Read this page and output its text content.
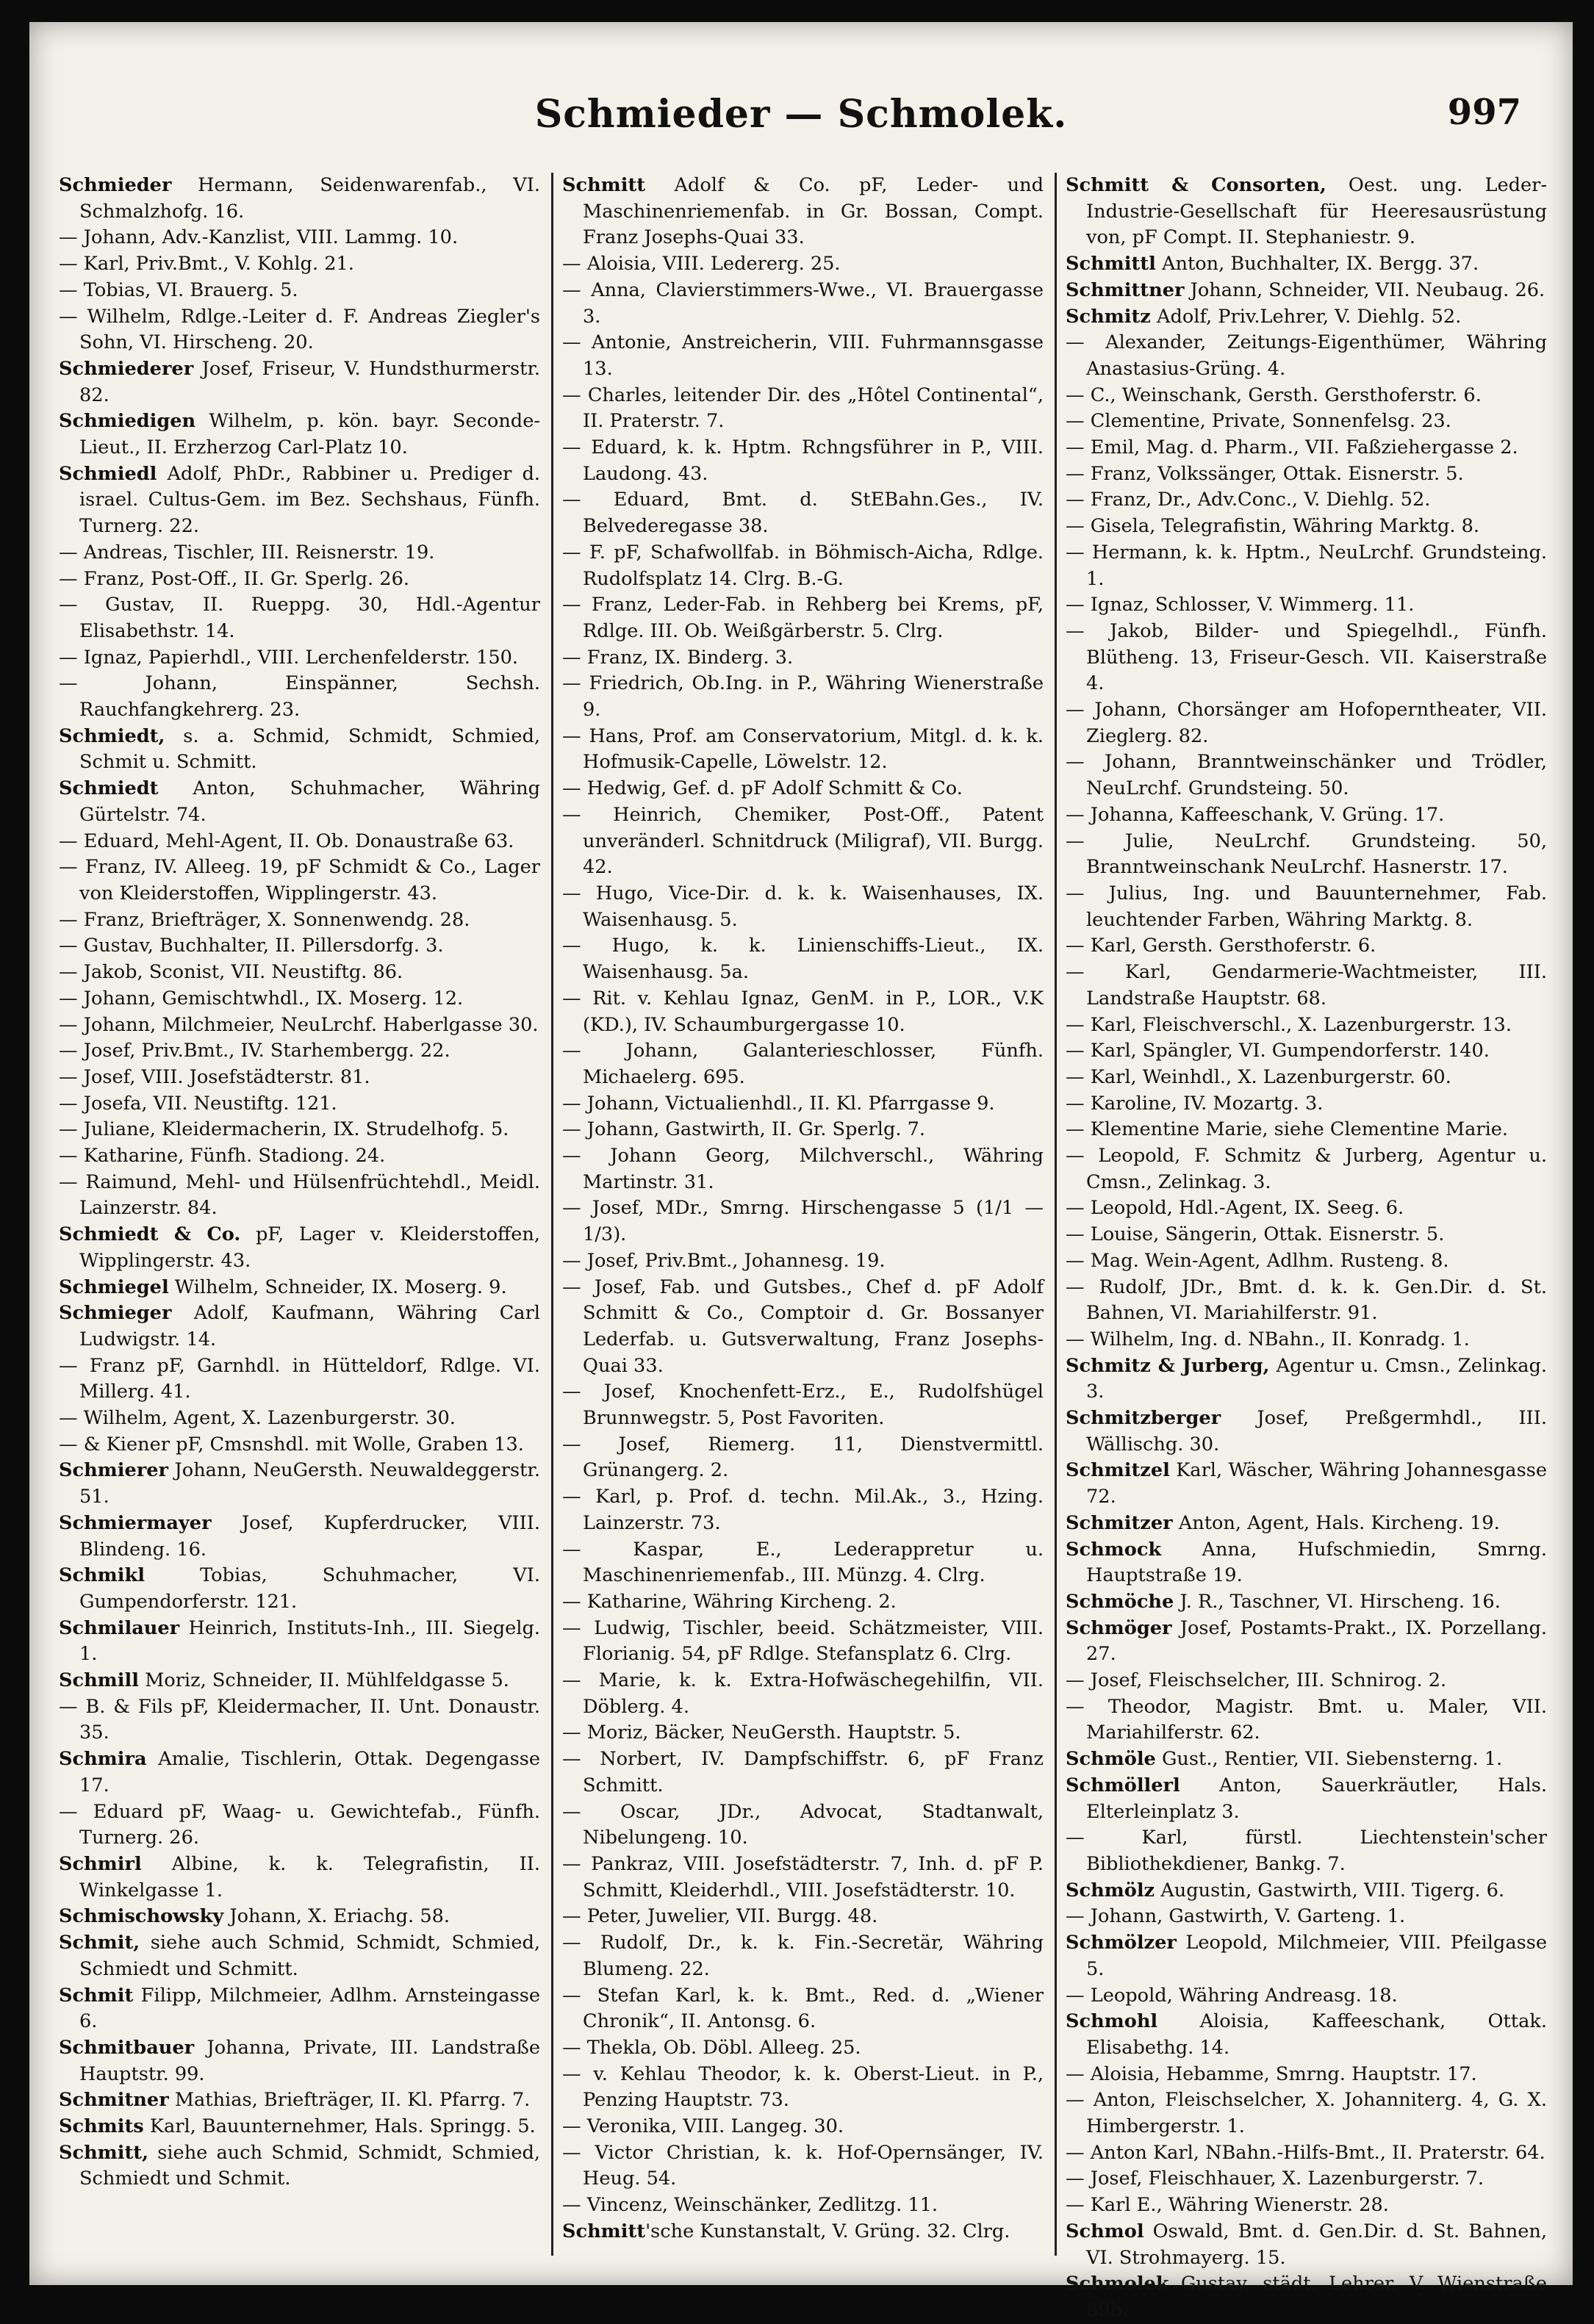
Schmieder — Schmolek.	997
Schmieder Hermann, Seidenwarenfab., VI. Schmalzhofg. 16.
— Johann, Adv.-Kanzlist, VIII. Lammg. 10.
— Karl, Priv.Bmt., V. Kohlg. 21.
— Tobias, VI. Brauerg. 5.
— Wilhelm, Rdlge.-Leiter d. F. Andreas Ziegler's Sohn, VI. Hirscheng. 20.
Schmiederer Josef, Friseur, V. Hundsthurmerstr. 82.
Schmiedigen Wilhelm, p. kön. bayr. Seconde-Lieut., II. Erzherzog Carl-Platz 10.
Schmiedl Adolf, PhDr., Rabbiner u. Prediger d. israel. Cultus-Gem. im Bez. Sechshaus, Fünfh. Turnerg. 22.
— Andreas, Tischler, III. Reisnerstr. 19.
— Franz, Post-Off., II. Gr. Sperlg. 26.
— Gustav, II. Rueppg. 30, Hdl.-Agentur Elisabethstr. 14.
— Ignaz, Papierhdl., VIII. Lerchenfelderstr. 150.
— Johann, Einspänner, Sechsh. Rauchfangkehrerg. 23.
Schmiedt, s. a. Schmid, Schmidt, Schmied, Schmit u. Schmitt.
Schmiedt Anton, Schuhmacher, Währing Gürtelstr. 74.
— Eduard, Mehl-Agent, II. Ob. Donaustraße 63.
— Franz, IV. Alleeg. 19, pF Schmidt & Co., Lager von Kleiderstoffen, Wipplingerstr. 43.
— Franz, Briefträger, X. Sonnenwendg. 28.
— Gustav, Buchhalter, II. Pillersdorfg. 3.
— Jakob, Sconist, VII. Neustiftg. 86.
— Johann, Gemischtwhdl., IX. Moserg. 12.
— Johann, Milchmeier, NeuLrchf. Haberlgasse 30.
— Josef, Priv.Bmt., IV. Starhembergg. 22.
— Josef, VIII. Josefstädterstr. 81.
— Josefa, VII. Neustiftg. 121.
— Juliane, Kleidermacherin, IX. Strudelhofg. 5.
— Katharine, Fünfh. Stadiong. 24.
— Raimund, Mehl- und Hülsenfrüchtehdl., Meidl. Lainzerstr. 84.
Schmiedt & Co. pF, Lager v. Kleiderstoffen, Wipplingerstr. 43.
Schmiegel Wilhelm, Schneider, IX. Moserg. 9.
Schmieger Adolf, Kaufmann, Währing Carl Ludwigstr. 14.
— Franz pF, Garnhdl. in Hütteldorf, Rdlge. VI. Millerg. 41.
— Wilhelm, Agent, X. Lazenburgerstr. 30.
— & Kiener pF, Cmsnshdl. mit Wolle, Graben 13.
Schmierer Johann, NeuGersth. Neuwaldeggerstr. 51.
Schmiermayer Josef, Kupferdrucker, VIII. Blindeng. 16.
Schmikl Tobias, Schuhmacher, VI. Gumpendorferstr. 121.
Schmilauer Heinrich, Instituts-Inh., III. Siegelg. 1.
Schmill Moriz, Schneider, II. Mühlfeldgasse 5.
— B. & Fils pF, Kleidermacher, II. Unt. Donaustr. 35.
Schmira Amalie, Tischlerin, Ottak. Degengasse 17.
— Eduard pF, Waag- u. Gewichtefab., Fünfh. Turnerg. 26.
Schmirl Albine, k. k. Telegrafistin, II. Winkelgasse 1.
Schmischowsky Johann, X. Eriachg. 58.
Schmit, siehe auch Schmid, Schmidt, Schmied, Schmiedt und Schmitt.
Schmit Filipp, Milchmeier, Adlhm. Arnsteingasse 6.
Schmitbauer Johanna, Private, III. Landstraße Hauptstr. 99.
Schmitner Mathias, Briefträger, II. Kl. Pfarrg. 7.
Schmits Karl, Bauunternehmer, Hals. Springg. 5.
Schmitt, siehe auch Schmid, Schmidt, Schmied, Schmiedt und Schmit.
Schmitt Adolf & Co. pF, Leder- und Maschinenriemenfab. in Gr. Bossan, Compt. Franz Josephs-Quai 33.
— Aloisia, VIII. Ledererg. 25.
— Anna, Clavierstimmers-Wwe., VI. Brauergasse 3.
— Antonie, Anstreicherin, VIII. Fuhrmannsgasse 13.
— Charles, leitender Dir. des „Hôtel Continental“, II. Praterstr. 7.
— Eduard, k. k. Hptm. Rchngsführer in P., VIII. Laudong. 43.
— Eduard, Bmt. d. StEBahn.Ges., IV. Belvederegasse 38.
— F. pF, Schafwollfab. in Böhmisch-Aicha, Rdlge. Rudolfsplatz 14. Clrg. B.-G.
— Franz, Leder-Fab. in Rehberg bei Krems, pF, Rdlge. III. Ob. Weißgärberstr. 5. Clrg.
— Franz, IX. Binderg. 3.
— Friedrich, Ob.Ing. in P., Währing Wienerstraße 9.
— Hans, Prof. am Conservatorium, Mitgl. d. k. k. Hofmusik-Capelle, Löwelstr. 12.
— Hedwig, Gef. d. pF Adolf Schmitt & Co.
— Heinrich, Chemiker, Post-Off., Patent unveränderl. Schnitdruck (Miligraf), VII. Burgg. 42.
— Hugo, Vice-Dir. d. k. k. Waisenhauses, IX. Waisenhausg. 5.
— Hugo, k. k. Linienschiffs-Lieut., IX. Waisenhausg. 5a.
— Rit. v. Kehlau Ignaz, GenM. in P., LOR., V.K (KD.), IV. Schaumburgergasse 10.
— Johann, Galanterieschlosser, Fünfh. Michaelerg. 695.
— Johann, Victualienhdl., II. Kl. Pfarrgasse 9.
— Johann, Gastwirth, II. Gr. Sperlg. 7.
— Johann Georg, Milchverschl., Währing Martinstr. 31.
— Josef, MDr., Smrng. Hirschengasse 5 (1/1 — 1/3).
— Josef, Priv.Bmt., Johannesg. 19.
— Josef, Fab. und Gutsbes., Chef d. pF Adolf Schmitt & Co., Comptoir d. Gr. Bossanyer Lederfab. u. Gutsverwaltung, Franz Josephs-Quai 33.
— Josef, Knochenfett-Erz., E., Rudolfshügel Brunnwegstr. 5, Post Favoriten.
— Josef, Riemerg. 11, Dienstvermittl. Grünangerg. 2.
— Karl, p. Prof. d. techn. Mil.Ak., 3., Hzing. Lainzerstr. 73.
— Kaspar, E., Lederappretur u. Maschinenriemenfab., III. Münzg. 4. Clrg.
— Katharine, Währing Kircheng. 2.
— Ludwig, Tischler, beeid. Schätzmeister, VIII. Florianig. 54, pF Rdlge. Stefansplatz 6. Clrg.
— Marie, k. k. Extra-Hofwäschegehilfin, VII. Döblerg. 4.
— Moriz, Bäcker, NeuGersth. Hauptstr. 5.
— Norbert, IV. Dampfschiffstr. 6, pF Franz Schmitt.
— Oscar, JDr., Advocat, Stadtanwalt, Nibelungeng. 10.
— Pankraz, VIII. Josefstädterstr. 7, Inh. d. pF P. Schmitt, Kleiderhdl., VIII. Josefstädterstr. 10.
— Peter, Juwelier, VII. Burgg. 48.
— Rudolf, Dr., k. k. Fin.-Secretär, Währing Blumeng. 22.
— Stefan Karl, k. k. Bmt., Red. d. „Wiener Chronik“, II. Antonsg. 6.
— Thekla, Ob. Döbl. Alleeg. 25.
— v. Kehlau Theodor, k. k. Oberst-Lieut. in P., Penzing Hauptstr. 73.
— Veronika, VIII. Langeg. 30.
— Victor Christian, k. k. Hof-Opernsänger, IV. Heug. 54.
— Vincenz, Weinschänker, Zedlitzg. 11.
Schmitt'sche Kunstanstalt, V. Grüng. 32. Clrg.
Schmitt & Consorten, Oest. ung. Leder-Industrie-Gesellschaft für Heeresausrüstung von, pF Compt. II. Stephaniestr. 9.
Schmittl Anton, Buchhalter, IX. Bergg. 37.
Schmittner Johann, Schneider, VII. Neubaug. 26.
Schmitz Adolf, Priv.Lehrer, V. Diehlg. 52.
— Alexander, Zeitungs-Eigenthümer, Währing Anastasius-Grüng. 4.
— C., Weinschank, Gersth. Gersthoferstr. 6.
— Clementine, Private, Sonnenfelsg. 23.
— Emil, Mag. d. Pharm., VII. Faßziehergasse 2.
— Franz, Volkssänger, Ottak. Eisnerstr. 5.
— Franz, Dr., Adv.Conc., V. Diehlg. 52.
— Gisela, Telegrafistin, Währing Marktg. 8.
— Hermann, k. k. Hptm., NeuLrchf. Grundsteing. 1.
— Ignaz, Schlosser, V. Wimmerg. 11.
— Jakob, Bilder- und Spiegelhdl., Fünfh. Blütheng. 13, Friseur-Gesch. VII. Kaiserstraße 4.
— Johann, Chorsänger am Hofoperntheater, VII. Zieglerg. 82.
— Johann, Branntweinschänker und Trödler, NeuLrchf. Grundsteing. 50.
— Johanna, Kaffeeschank, V. Grüng. 17.
— Julie, NeuLrchf. Grundsteing. 50, Branntweinschank NeuLrchf. Hasnerstr. 17.
— Julius, Ing. und Bauunternehmer, Fab. leuchtender Farben, Währing Marktg. 8.
— Karl, Gersth. Gersthoferstr. 6.
— Karl, Gendarmerie-Wachtmeister, III. Landstraße Hauptstr. 68.
— Karl, Fleischverschl., X. Lazenburgerstr. 13.
— Karl, Spängler, VI. Gumpendorferstr. 140.
— Karl, Weinhdl., X. Lazenburgerstr. 60.
— Karoline, IV. Mozartg. 3.
— Klementine Marie, siehe Clementine Marie.
— Leopold, F. Schmitz & Jurberg, Agentur u. Cmsn., Zelinkag. 3.
— Leopold, Hdl.-Agent, IX. Seeg. 6.
— Louise, Sängerin, Ottak. Eisnerstr. 5.
— Mag. Wein-Agent, Adlhm. Rusteng. 8.
— Rudolf, JDr., Bmt. d. k. k. Gen.Dir. d. St. Bahnen, VI. Mariahilferstr. 91.
— Wilhelm, Ing. d. NBahn., II. Konradg. 1.
Schmitz & Jurberg, Agentur u. Cmsn., Zelinkag. 3.
Schmitzberger Josef, Preßgermhdl., III. Wällischg. 30.
Schmitzel Karl, Wäscher, Währing Johannesgasse 72.
Schmitzer Anton, Agent, Hals. Kircheng. 19.
Schmock Anna, Hufschmiedin, Smrng. Hauptstraße 19.
Schmöche J. R., Taschner, VI. Hirscheng. 16.
Schmöger Josef, Postamts-Prakt., IX. Porzellang. 27.
— Josef, Fleischselcher, III. Schnirog. 2.
— Theodor, Magistr. Bmt. u. Maler, VII. Mariahilferstr. 62.
Schmöle Gust., Rentier, VII. Siebensterng. 1.
Schmöllerl Anton, Sauerkräutler, Hals. Elterleinplatz 3.
— Karl, fürstl. Liechtenstein'scher Bibliothekdiener, Bankg. 7.
Schmölz Augustin, Gastwirth, VIII. Tigerg. 6.
— Johann, Gastwirth, V. Garteng. 1.
Schmölzer Leopold, Milchmeier, VIII. Pfeilgasse 5.
— Leopold, Währing Andreasg. 18.
Schmohl Aloisia, Kaffeeschank, Ottak. Elisabethg. 14.
— Aloisia, Hebamme, Smrng. Hauptstr. 17.
— Anton, Fleischselcher, X. Johanniterg. 4, G. X. Himbergerstr. 1.
— Anton Karl, NBahn.-Hilfs-Bmt., II. Praterstr. 64.
— Josef, Fleischhauer, X. Lazenburgerstr. 7.
— Karl E., Währing Wienerstr. 28.
Schmol Oswald, Bmt. d. Gen.Dir. d. St. Bahnen, VI. Strohmayerg. 15.
Schmolek Gustav, städt. Lehrer, V. Wienstraße 89b.
